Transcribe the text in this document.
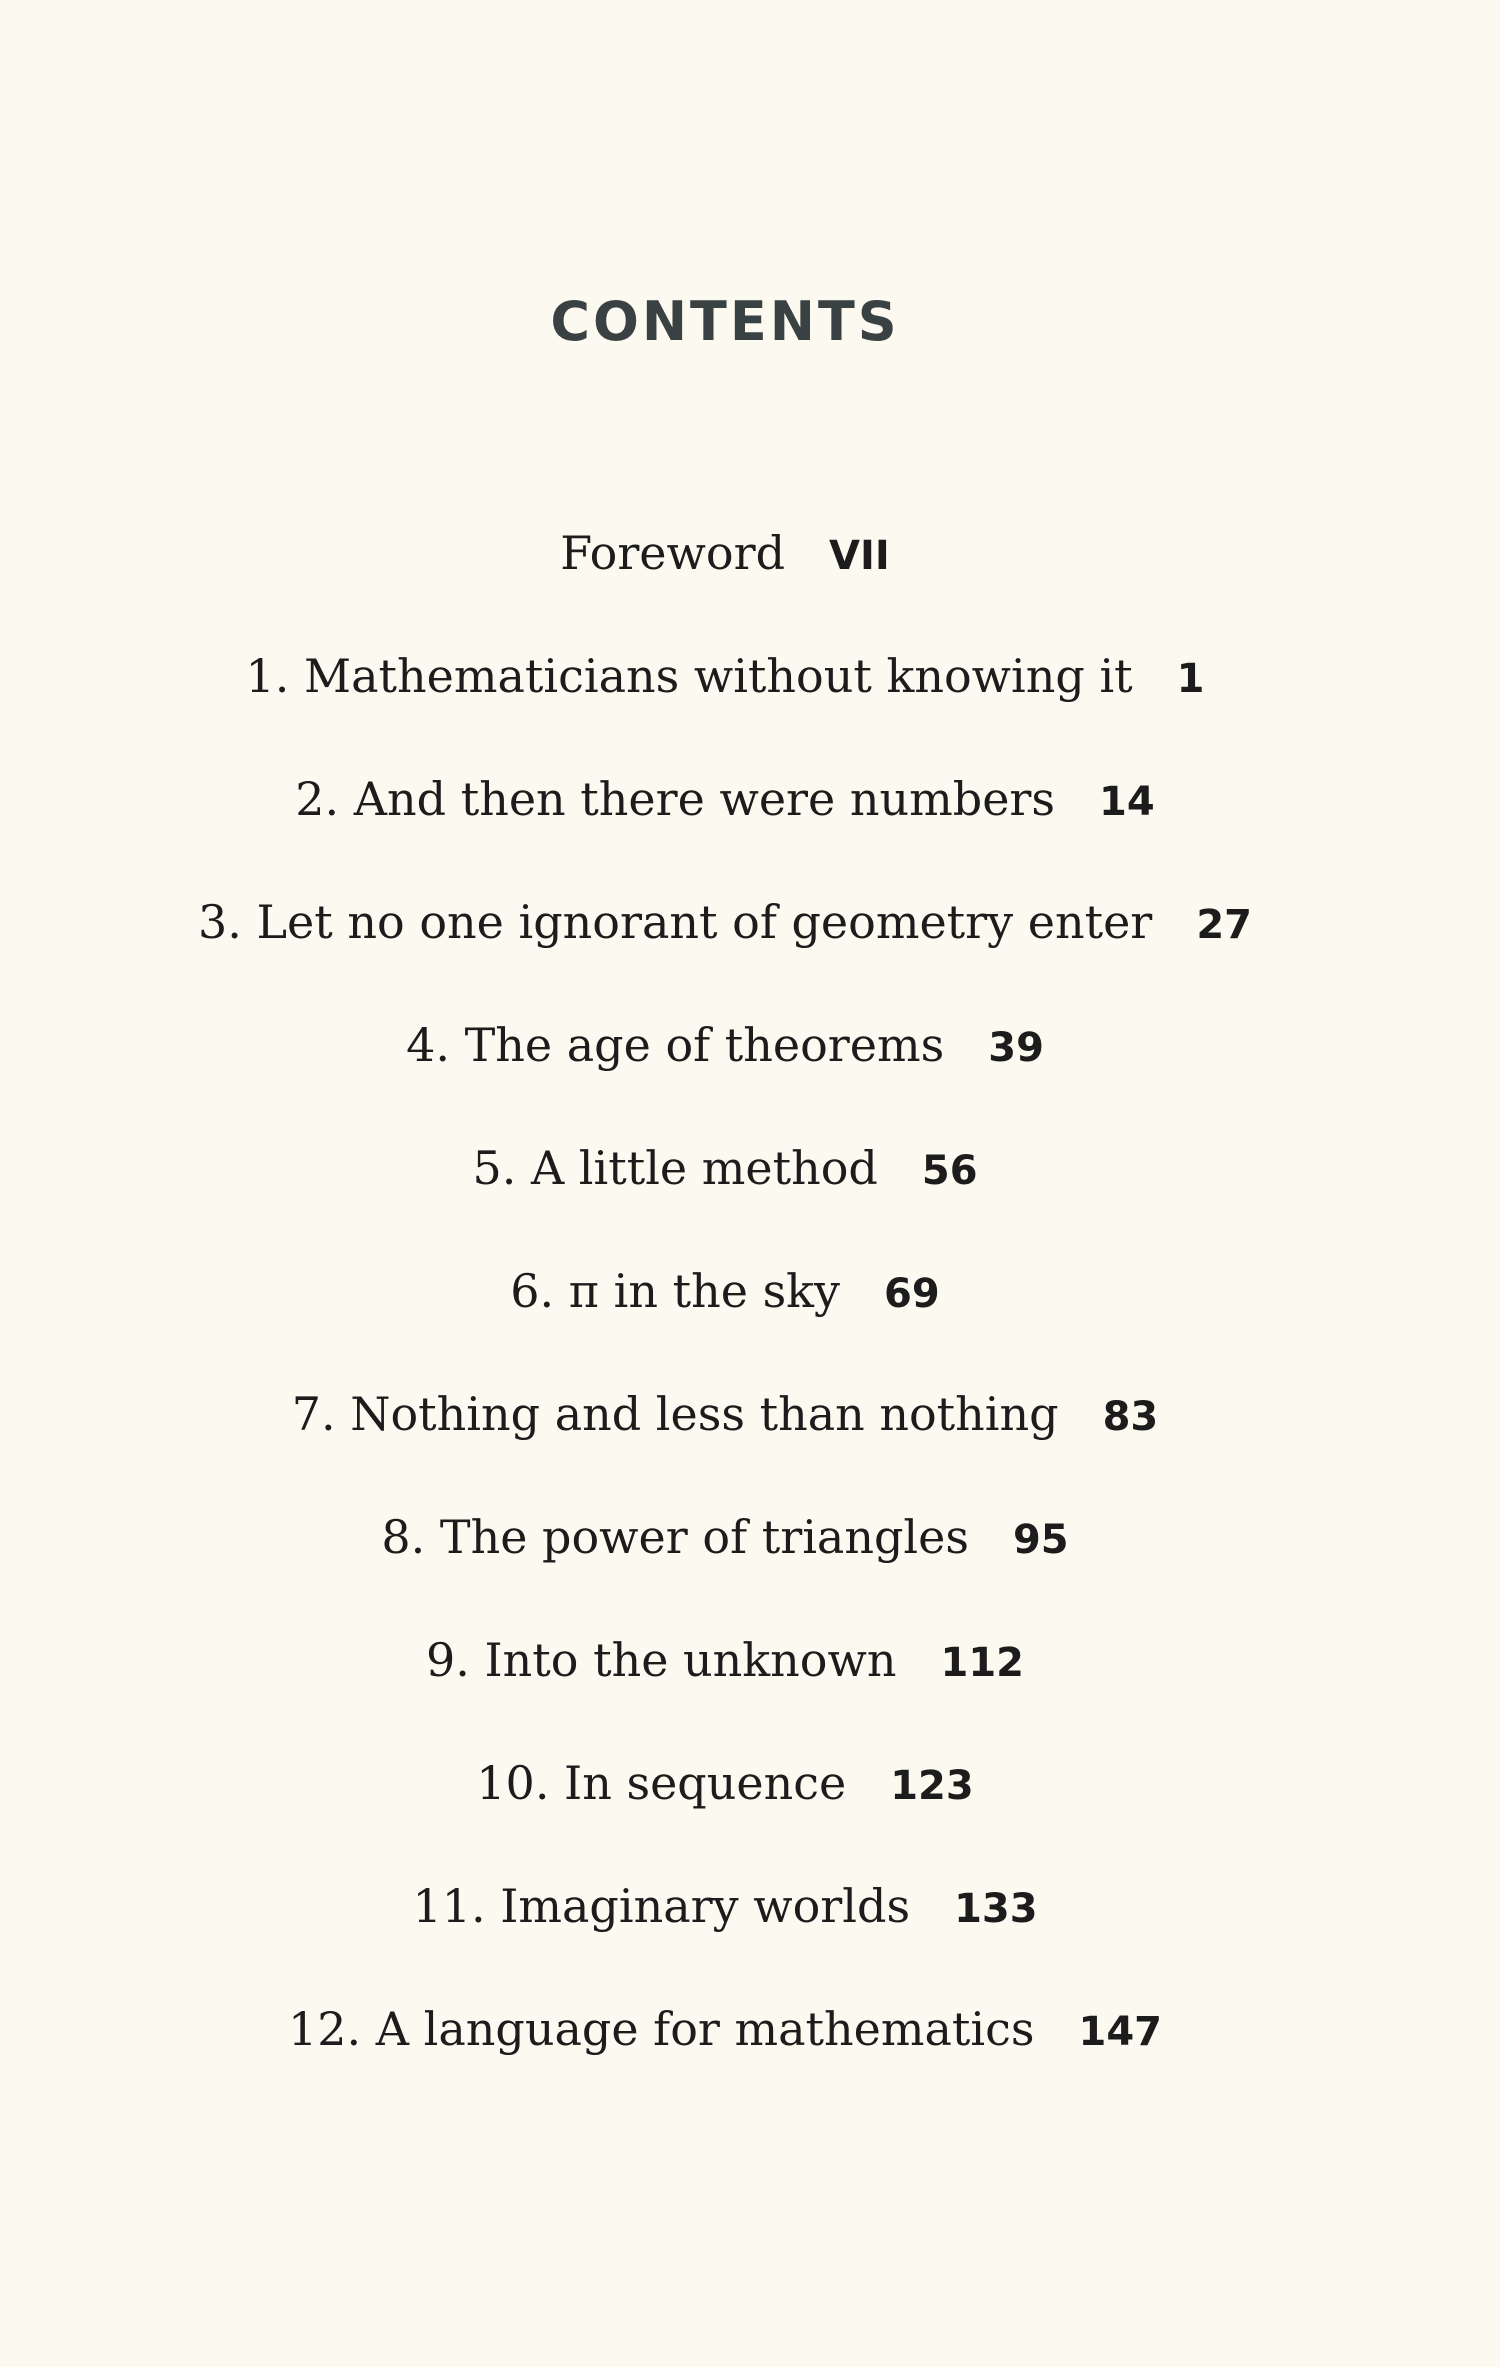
CONTENTS
Foreword VII
1. Mathematicians without knowing it 1
2. And then there were numbers 14
3. Let no one ignorant of geometry enter 27
4. The age of theorems 39
5. A little method 56
6. π in the sky 69
7. Nothing and less than nothing 83
8. The power of triangles 95
9. Into the unknown 112
10. In sequence 123
11. Imaginary worlds 133
12. A language for mathematics 147
